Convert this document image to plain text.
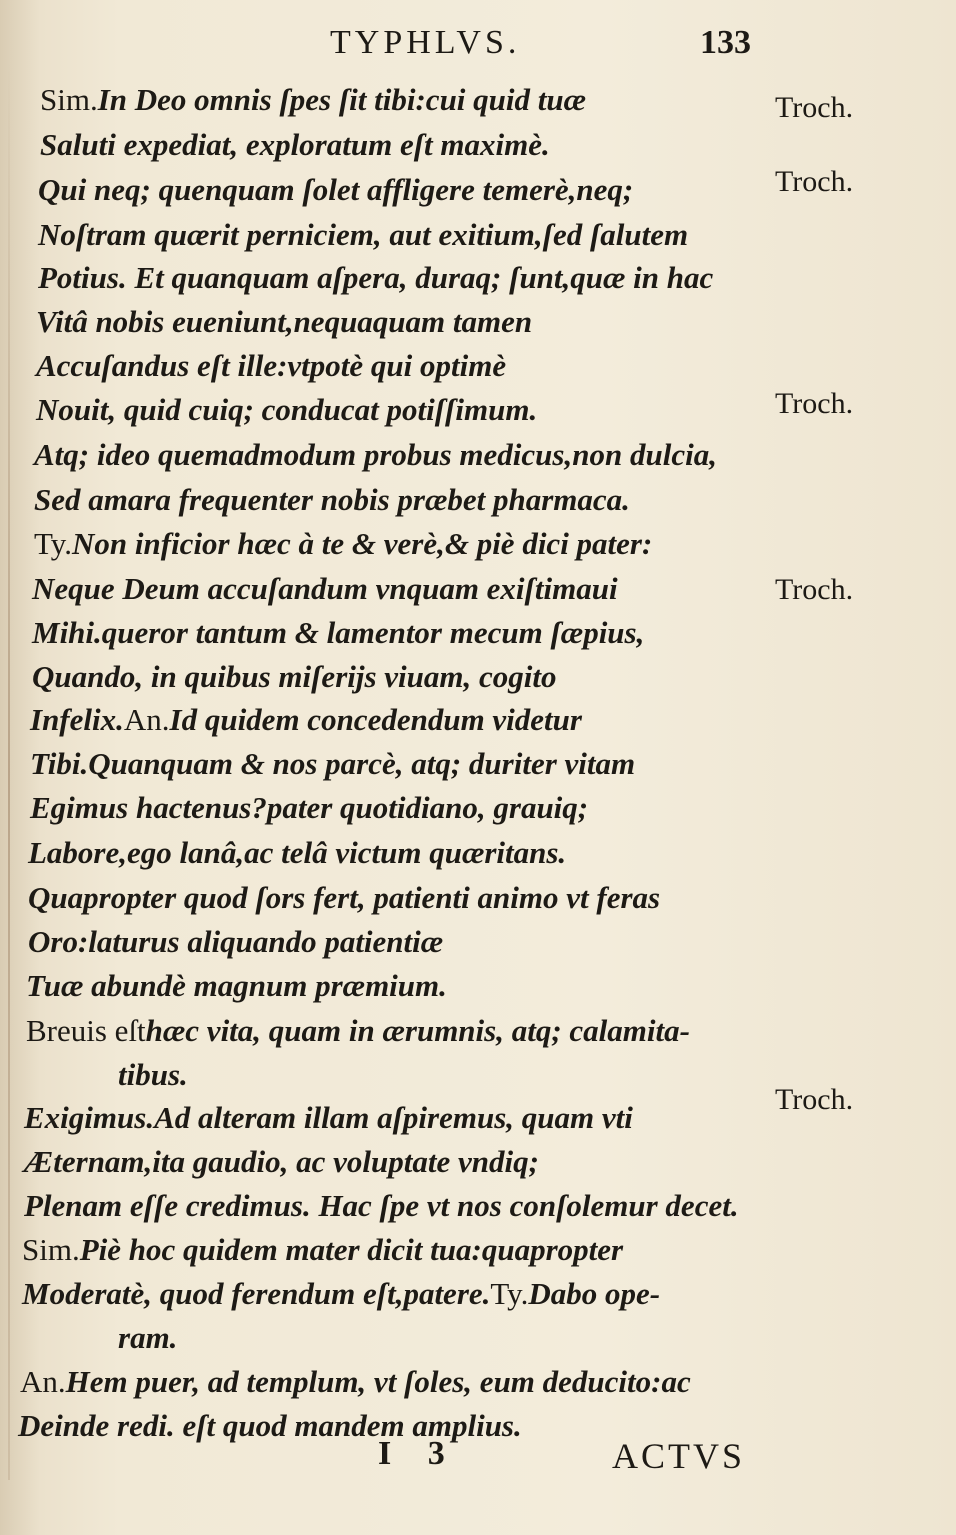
TYPHLVS.	133
Sim.In Deo omnis ſpes ſit tibi:cui quid tuæ
Saluti expediat, exploratum eſt maximè.
Qui neq; quenquam ſolet affligere temerè,neq;
Noſtram quærit perniciem, aut exitium,ſed ſalutem
Potius. Et quanquam aſpera, duraq; ſunt,quæ in hac
Vitâ nobis eueniunt,nequaquam tamen
Accuſandus eſt ille:vtpotè qui optimè
Nouit, quid cuiq; conducat potiſſimum.
Atq; ideo quemadmodum probus medicus,non dulcia,
Sed amara frequenter nobis præbet pharmaca.
Ty.Non inficior hæc à te & verè,& piè dici pater:
Neque Deum accuſandum vnquam exiſtimaui
Mihi.queror tantum & lamentor mecum ſæpius,
Quando, in quibus miſerijs viuam, cogito
Infelix.An.Id quidem concedendum videtur
Tibi.Quanquam & nos parcè, atq; duriter vitam
Egimus hactenus?pater quotidiano, grauiq;
Labore,ego lanâ,ac telâ victum quæritans.
Quapropter quod ſors fert, patienti animo vt feras
Oro:laturus aliquando patientiæ
Tuæ abundè magnum præmium.
Breuis eſthæc vita, quam in ærumnis, atq; calamita-
tibus.
Exigimus.Ad alteram illam aſpiremus, quam vti
Æternam,ita gaudio, ac voluptate vndiq;
Plenam eſſe credimus. Hac ſpe vt nos conſolemur decet.
Sim.Piè hoc quidem mater dicit tua:quapropter
Moderatè, quod ferendum eſt,patere.Ty.Dabo ope-
ram.
An.Hem puer, ad templum, vt ſoles, eum deducito:ac
Deinde redi. eſt quod mandem amplius.
Troch.
Troch.
Troch.
Troch.
Troch.
I 3	ACTVS
